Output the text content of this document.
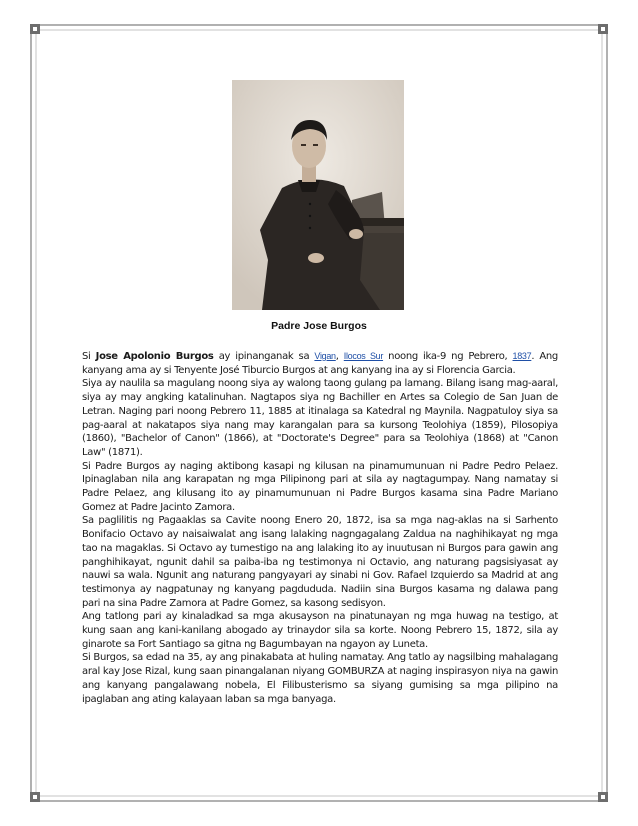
Padre Jose Burgos

Si Jose Apolonio Burgos ay ipinanganak sa Vigan, Ilocos Sur noong ika-9 ng Pebrero, 1837. Ang kanyang ama ay si Tenyente José Tiburcio Burgos at ang kanyang ina ay si Florencia Garcia.

Siya ay naulila sa magulang noong siya ay walong taong gulang pa lamang. Bilang isang mag-aaral, siya ay may angking katalinuhan. Nagtapos siya ng Bachiller en Artes sa Colegio de San Juan de Letran. Naging pari noong Pebrero 11, 1885 at itinalaga sa Katedral ng Maynila. Nagpatuloy siya sa pag-aaral at nakatapos siya nang may karangalan para sa kursong Teolohiya (1859), Pilosopiya (1860), "Bachelor of Canon" (1866), at "Doctorate's Degree" para sa Teolohiya (1868) at "Canon Law" (1871).

Si Padre Burgos ay naging aktibong kasapi ng kilusan na pinamumunuan ni Padre Pedro Pelaez. Ipinaglaban nila ang karapatan ng mga Pilipinong pari at sila ay nagtagumpay. Nang namatay si Padre Pelaez, ang kilusang ito ay pinamumunuan ni Padre Burgos kasama sina Padre Mariano Gomez at Padre Jacinto Zamora.

Sa paglilitis ng Pagaaklas sa Cavite noong Enero 20, 1872, isa sa mga nag-aklas na si Sarhento Bonifacio Octavo ay naisaiwalat ang isang lalaking nagngagalang Zaldua na naghihikayat ng mga tao na magaklas. Si Octavo ay tumestigo na ang lalaking ito ay inuutusan ni Burgos para gawin ang panghihikayat, ngunit dahil sa paiba-iba ng testimonya ni Octavio, ang naturang pagsisiyasat ay nauwi sa wala. Ngunit ang naturang pangyayari ay sinabi ni Gov. Rafael Izquierdo sa Madrid at ang testimonya ay nagpatunay ng kanyang pagdududa. Nadiin sina Burgos kasama ng dalawa pang pari na sina Padre Zamora at Padre Gomez, sa kasong sedisyon.

Ang tatlong pari ay kinaladkad sa mga akusayson na pinatunayan ng mga huwag na testigo, at kung saan ang kani-kanilang abogado ay trinaydor sila sa korte. Noong Pebrero 15, 1872, sila ay ginarote sa Fort Santiago sa gitna ng Bagumbayan na ngayon ay Luneta.

Si Burgos, sa edad na 35, ay ang pinakabata at huling namatay. Ang tatlo ay nagsilbing mahalagang aral kay Jose Rizal, kung saan pinangalanan niyang GOMBURZA at naging inspirasyon niya na gawin ang kanyang pangalawang nobela, El Filibusterismo sa siyang gumising sa mga pilipino na ipaglaban ang ating kalayaan laban sa mga banyaga.
